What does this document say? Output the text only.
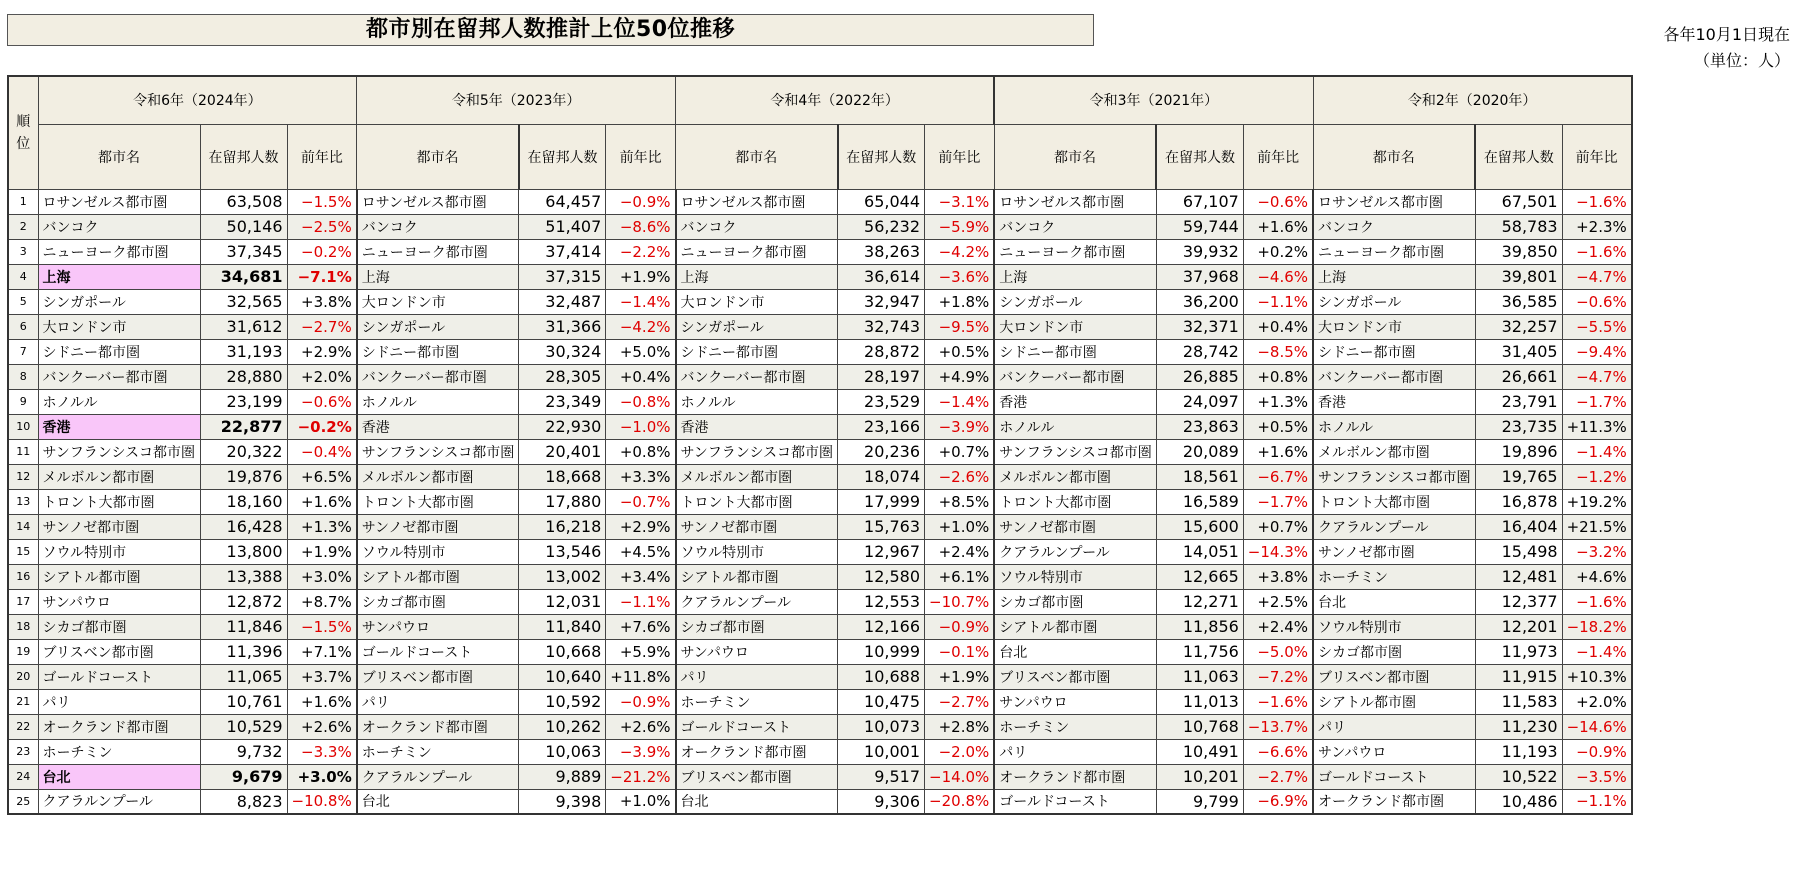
都市別在留邦人数推計上位50位推移	各年10月1日現在
（単位：人）
順位	令和6年（2024年）			令和5年（2023年）			令和4年（2022年）			令和3年（2021年）			令和2年（2020年）		
	都市名	在留邦人数	前年比	都市名	在留邦人数	前年比	都市名	在留邦人数	前年比	都市名	在留邦人数	前年比	都市名	在留邦人数	前年比
1	ロサンゼルス都市圏	63,508	−1.5%	ロサンゼルス都市圏	64,457	−0.9%	ロサンゼルス都市圏	65,044	−3.1%	ロサンゼルス都市圏	67,107	−0.6%	ロサンゼルス都市圏	67,501	−1.6%
2	バンコク	50,146	−2.5%	バンコク	51,407	−8.6%	バンコク	56,232	−5.9%	バンコク	59,744	+1.6%	バンコク	58,783	+2.3%
3	ニューヨーク都市圏	37,345	−0.2%	ニューヨーク都市圏	37,414	−2.2%	ニューヨーク都市圏	38,263	−4.2%	ニューヨーク都市圏	39,932	+0.2%	ニューヨーク都市圏	39,850	−1.6%
4	上海	34,681	−7.1%	上海	37,315	+1.9%	上海	36,614	−3.6%	上海	37,968	−4.6%	上海	39,801	−4.7%
5	シンガポール	32,565	+3.8%	大ロンドン市	32,487	−1.4%	大ロンドン市	32,947	+1.8%	シンガポール	36,200	−1.1%	シンガポール	36,585	−0.6%
6	大ロンドン市	31,612	−2.7%	シンガポール	31,366	−4.2%	シンガポール	32,743	−9.5%	大ロンドン市	32,371	+0.4%	大ロンドン市	32,257	−5.5%
7	シドニー都市圏	31,193	+2.9%	シドニー都市圏	30,324	+5.0%	シドニー都市圏	28,872	+0.5%	シドニー都市圏	28,742	−8.5%	シドニー都市圏	31,405	−9.4%
8	バンクーバー都市圏	28,880	+2.0%	バンクーバー都市圏	28,305	+0.4%	バンクーバー都市圏	28,197	+4.9%	バンクーバー都市圏	26,885	+0.8%	バンクーバー都市圏	26,661	−4.7%
9	ホノルル	23,199	−0.6%	ホノルル	23,349	−0.8%	ホノルル	23,529	−1.4%	香港	24,097	+1.3%	香港	23,791	−1.7%
10	香港	22,877	−0.2%	香港	22,930	−1.0%	香港	23,166	−3.9%	ホノルル	23,863	+0.5%	ホノルル	23,735	+11.3%
11	サンフランシスコ都市圏	20,322	−0.4%	サンフランシスコ都市圏	20,401	+0.8%	サンフランシスコ都市圏	20,236	+0.7%	サンフランシスコ都市圏	20,089	+1.6%	メルボルン都市圏	19,896	−1.4%
12	メルボルン都市圏	19,876	+6.5%	メルボルン都市圏	18,668	+3.3%	メルボルン都市圏	18,074	−2.6%	メルボルン都市圏	18,561	−6.7%	サンフランシスコ都市圏	19,765	−1.2%
13	トロント大都市圏	18,160	+1.6%	トロント大都市圏	17,880	−0.7%	トロント大都市圏	17,999	+8.5%	トロント大都市圏	16,589	−1.7%	トロント大都市圏	16,878	+19.2%
14	サンノゼ都市圏	16,428	+1.3%	サンノゼ都市圏	16,218	+2.9%	サンノゼ都市圏	15,763	+1.0%	サンノゼ都市圏	15,600	+0.7%	クアラルンプール	16,404	+21.5%
15	ソウル特別市	13,800	+1.9%	ソウル特別市	13,546	+4.5%	ソウル特別市	12,967	+2.4%	クアラルンプール	14,051	−14.3%	サンノゼ都市圏	15,498	−3.2%
16	シアトル都市圏	13,388	+3.0%	シアトル都市圏	13,002	+3.4%	シアトル都市圏	12,580	+6.1%	ソウル特別市	12,665	+3.8%	ホーチミン	12,481	+4.6%
17	サンパウロ	12,872	+8.7%	シカゴ都市圏	12,031	−1.1%	クアラルンプール	12,553	−10.7%	シカゴ都市圏	12,271	+2.5%	台北	12,377	−1.6%
18	シカゴ都市圏	11,846	−1.5%	サンパウロ	11,840	+7.6%	シカゴ都市圏	12,166	−0.9%	シアトル都市圏	11,856	+2.4%	ソウル特別市	12,201	−18.2%
19	ブリスベン都市圏	11,396	+7.1%	ゴールドコースト	10,668	+5.9%	サンパウロ	10,999	−0.1%	台北	11,756	−5.0%	シカゴ都市圏	11,973	−1.4%
20	ゴールドコースト	11,065	+3.7%	ブリスベン都市圏	10,640	+11.8%	パリ	10,688	+1.9%	ブリスベン都市圏	11,063	−7.2%	ブリスベン都市圏	11,915	+10.3%
21	パリ	10,761	+1.6%	パリ	10,592	−0.9%	ホーチミン	10,475	−2.7%	サンパウロ	11,013	−1.6%	シアトル都市圏	11,583	+2.0%
22	オークランド都市圏	10,529	+2.6%	オークランド都市圏	10,262	+2.6%	ゴールドコースト	10,073	+2.8%	ホーチミン	10,768	−13.7%	パリ	11,230	−14.6%
23	ホーチミン	9,732	−3.3%	ホーチミン	10,063	−3.9%	オークランド都市圏	10,001	−2.0%	パリ	10,491	−6.6%	サンパウロ	11,193	−0.9%
24	台北	9,679	+3.0%	クアラルンプール	9,889	−21.2%	ブリスベン都市圏	9,517	−14.0%	オークランド都市圏	10,201	−2.7%	ゴールドコースト	10,522	−3.5%
25	クアラルンプール	8,823	−10.8%	台北	9,398	+1.0%	台北	9,306	−20.8%	ゴールドコースト	9,799	−6.9%	オークランド都市圏	10,486	−1.1%
